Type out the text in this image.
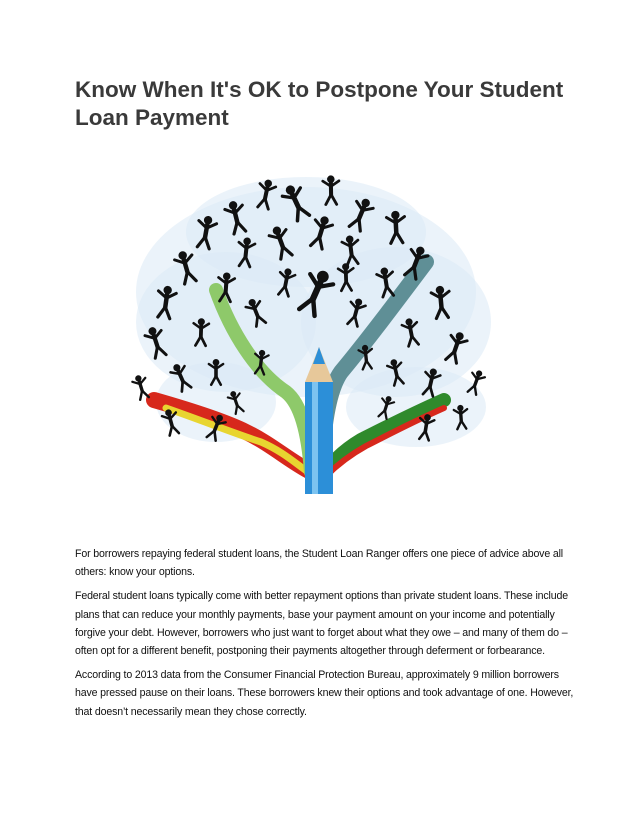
Know When It's OK to Postpone Your Student Loan Payment

For borrowers repaying federal student loans, the Student Loan Ranger offers one piece of advice above all others: know your options.

Federal student loans typically come with better repayment options than private student loans. These include plans that can reduce your monthly payments, base your payment amount on your income and potentially forgive your debt. However, borrowers who just want to forget about what they owe – and many of them do – often opt for a different benefit, postponing their payments altogether through deferment or forbearance.

According to 2013 data from the Consumer Financial Protection Bureau, approximately 9 million borrowers have pressed pause on their loans. These borrowers knew their options and took advantage of one. However, that doesn’t necessarily mean they chose correctly.
